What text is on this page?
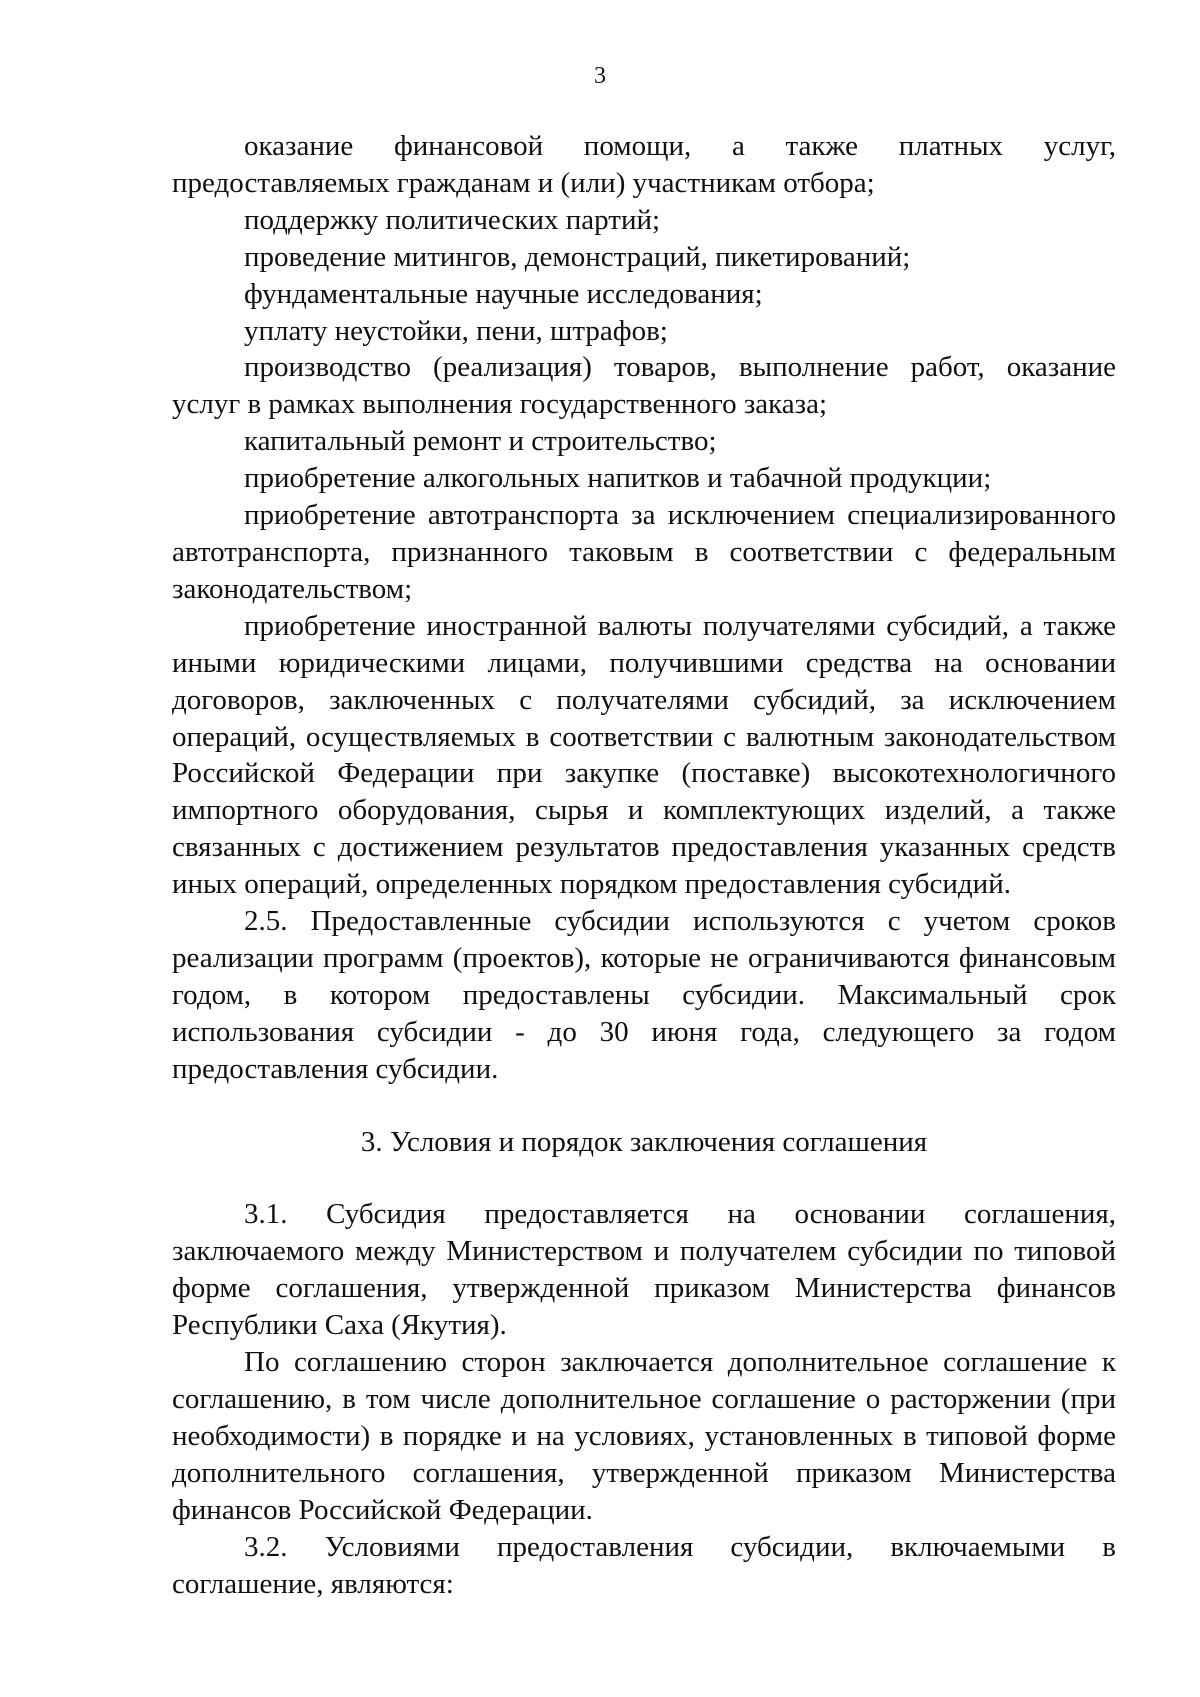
3

оказание финансовой помощи, а также платных услуг, предоставляемых гражданам и (или) участникам отбора;

поддержку политических партий;

проведение митингов, демонстраций, пикетирований;

фундаментальные научные исследования;

уплату неустойки, пени, штрафов;

производство (реализация) товаров, выполнение работ, оказание услуг в рамках выполнения государственного заказа;

капитальный ремонт и строительство;

приобретение алкогольных напитков и табачной продукции;

приобретение автотранспорта за исключением специализированного автотранспорта, признанного таковым в соответствии с федеральным законодательством;

приобретение иностранной валюты получателями субсидий, а также иными юридическими лицами, получившими средства на основании договоров, заключенных с получателями субсидий, за исключением операций, осуществляемых в соответствии с валютным законодательством Российской Федерации при закупке (поставке) высокотехнологичного импортного оборудования, сырья и комплектующих изделий, а также связанных с достижением результатов предоставления указанных средств иных операций, определенных порядком предоставления субсидий.

2.5. Предоставленные субсидии используются с учетом сроков реализации программ (проектов), которые не ограничиваются финансовым годом, в котором предоставлены субсидии. Максимальный срок использования субсидии - до 30 июня года, следующего за годом предоставления субсидии.

3. Условия и порядок заключения соглашения

3.1. Субсидия предоставляется на основании соглашения, заключаемого между Министерством и получателем субсидии по типовой форме соглашения, утвержденной приказом Министерства финансов Республики Саха (Якутия).

По соглашению сторон заключается дополнительное соглашение к соглашению, в том числе дополнительное соглашение о расторжении (при необходимости) в порядке и на условиях, установленных в типовой форме дополнительного соглашения, утвержденной приказом Министерства финансов Российской Федерации.

3.2. Условиями предоставления субсидии, включаемыми в соглашение, являются:
